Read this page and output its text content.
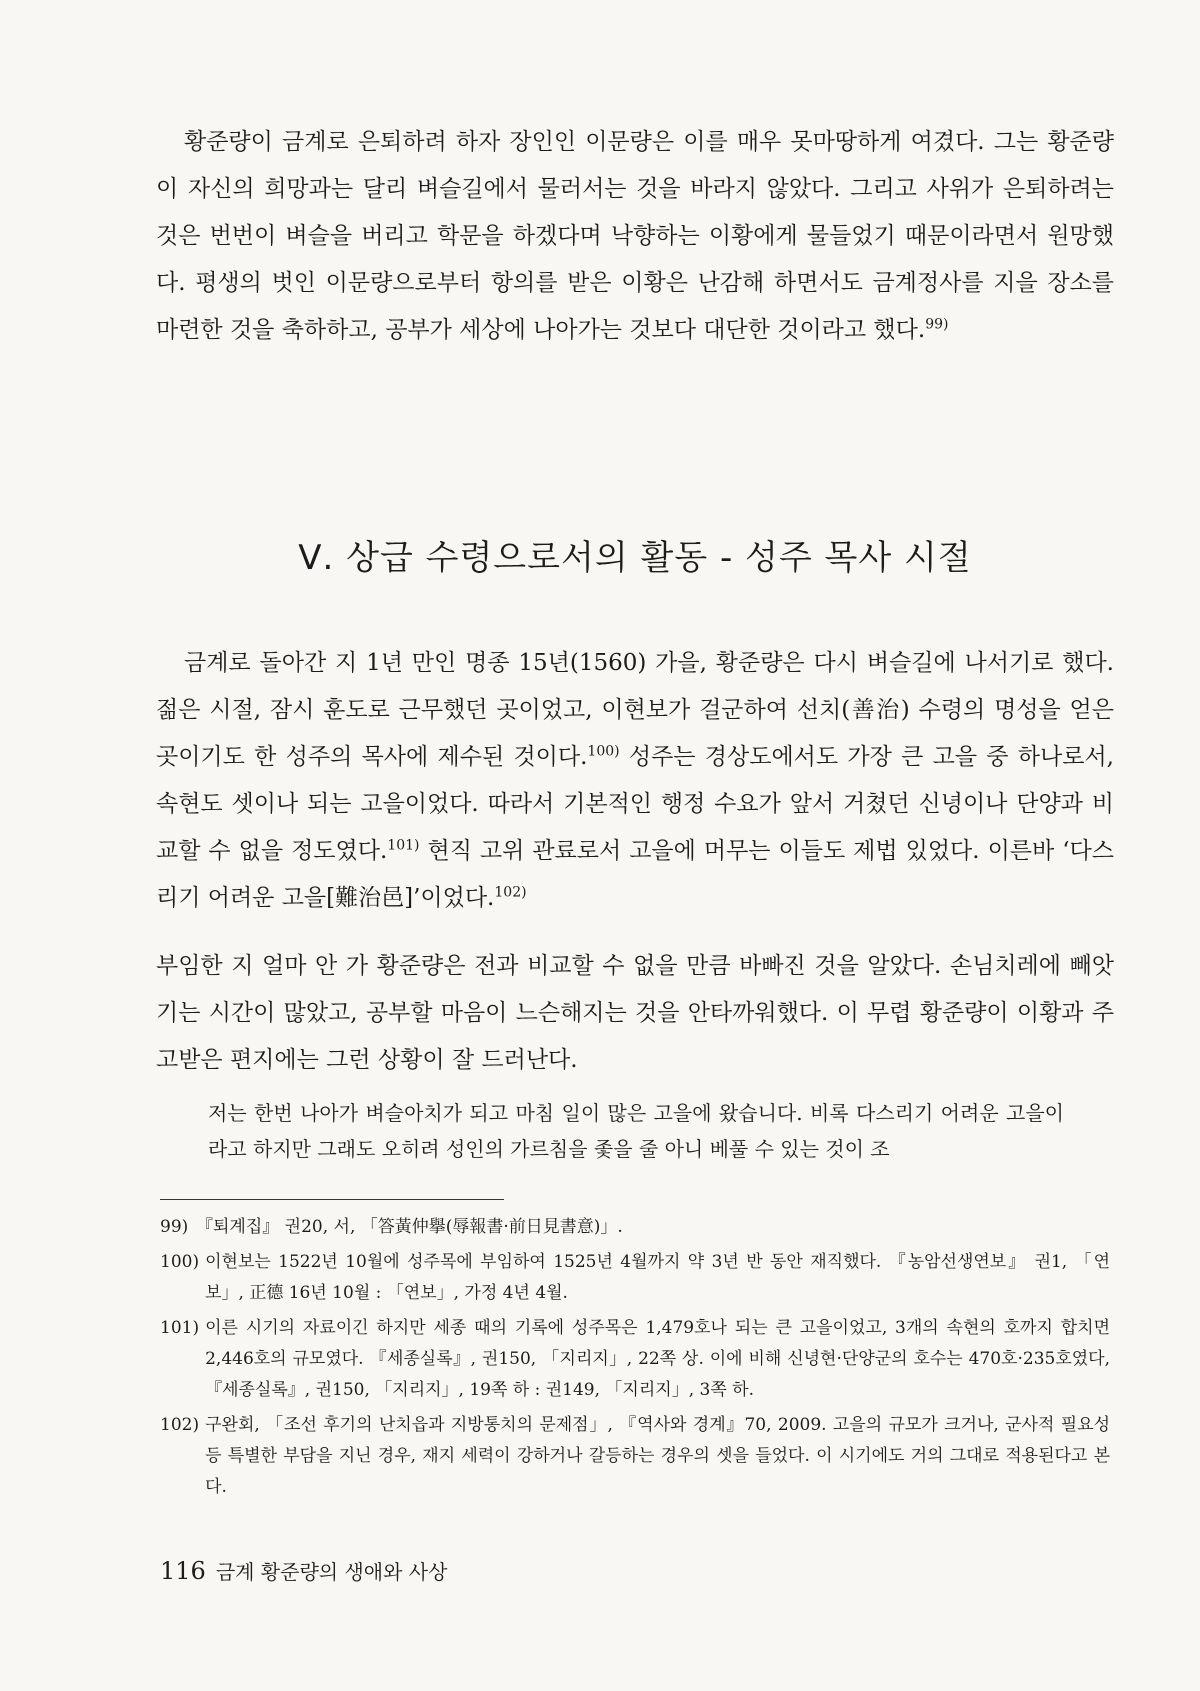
황준량이 금계로 은퇴하려 하자 장인인 이문량은 이를 매우 못마땅하게 여겼다. 그는 황준량이 자신의 희망과는 달리 벼슬길에서 물러서는 것을 바라지 않았다. 그리고 사위가 은퇴하려는 것은 번번이 벼슬을 버리고 학문을 하겠다며 낙향하는 이황에게 물들었기 때문이라면서 원망했다. 평생의 벗인 이문량으로부터 항의를 받은 이황은 난감해 하면서도 금계정사를 지을 장소를 마련한 것을 축하하고, 공부가 세상에 나아가는 것보다 대단한 것이라고 했다.$^{99)}$

Ⅴ. 상급 수령으로서의 활동 - 성주 목사 시절

금계로 돌아간 지 1년 만인 명종 15년(1560) 가을, 황준량은 다시 벼슬길에 나서기로 했다. 젊은 시절, 잠시 훈도로 근무했던 곳이었고, 이현보가 걸군하여 선치(善治) 수령의 명성을 얻은 곳이기도 한 성주의 목사에 제수된 것이다.$^{100)}$ 성주는 경상도에서도 가장 큰 고을 중 하나로서, 속현도 셋이나 되는 고을이었다. 따라서 기본적인 행정 수요가 앞서 거쳤던 신녕이나 단양과 비교할 수 없을 정도였다.$^{101)}$ 현직 고위 관료로서 고을에 머무는 이들도 제법 있었다. 이른바 ‘다스리기 어려운 고을[難治邑]’이었다.$^{102)}$

부임한 지 얼마 안 가 황준량은 전과 비교할 수 없을 만큼 바빠진 것을 알았다. 손님치레에 빼앗기는 시간이 많았고, 공부할 마음이 느슨해지는 것을 안타까워했다. 이 무렵 황준량이 이황과 주고받은 편지에는 그런 상황이 잘 드러난다.

저는 한번 나아가 벼슬아치가 되고 마침 일이 많은 고을에 왔습니다. 비록 다스리기 어려운 고을이라고 하지만 그래도 오히려 성인의 가르침을 좇을 줄 아니 베풀 수 있는 것이 조
99) 『퇴계집』 권20, 서, 「答黃仲擧(辱報書·前日見書意)」.
100) 이현보는 1522년 10월에 성주목에 부임하여 1525년 4월까지 약 3년 반 동안 재직했다. 『농암선생연보』 권1, 「연보」, 正德 16년 10월 : 「연보」, 가정 4년 4월.
101) 이른 시기의 자료이긴 하지만 세종 때의 기록에 성주목은 1,479호나 되는 큰 고을이었고, 3개의 속현의 호까지 합치면 2,446호의 규모였다. 『세종실록』, 권150, 「지리지」, 22쪽 상. 이에 비해 신녕현·단양군의 호수는 470호·235호였다, 『세종실록』, 권150, 「지리지」, 19쪽 하 : 권149, 「지리지」, 3쪽 하.
102) 구완회, 「조선 후기의 난치읍과 지방통치의 문제점」, 『역사와 경계』70, 2009. 고을의 규모가 크거나, 군사적 필요성 등 특별한 부담을 지닌 경우, 재지 세력이 강하거나 갈등하는 경우의 셋을 들었다. 이 시기에도 거의 그대로 적용된다고 본다.
116 금계 황준량의 생애와 사상
